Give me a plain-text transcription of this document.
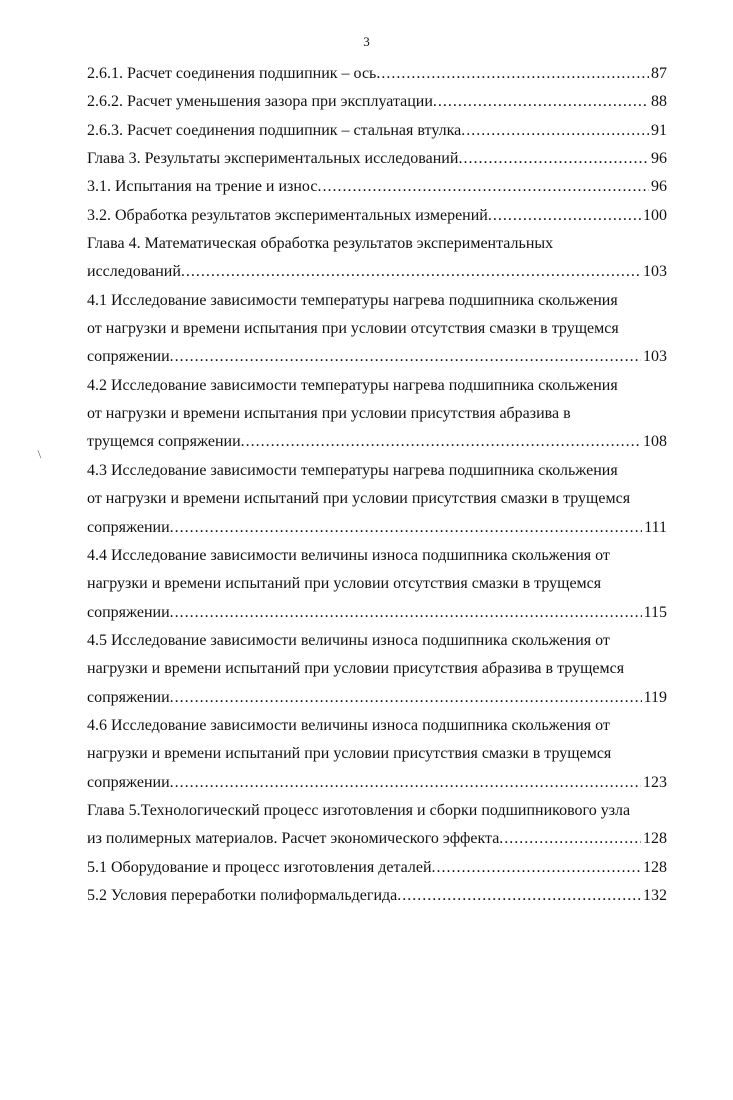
3
/
2.6.1. Расчет соединения подшипник – ось .....	87
2.6.2. Расчет уменьшения зазора при эксплуатации .....	88
2.6.3. Расчет соединения подшипник – стальная втулка .....	91
Глава 3. Результаты экспериментальных исследований .....	96
3.1. Испытания на трение и износ .....	96
3.2. Обработка результатов экспериментальных измерений .....	100
Глава 4. Математическая обработка результатов экспериментальных
исследований .....	103
4.1 Исследование зависимости температуры нагрева подшипника скольжения
от нагрузки и времени испытания при условии отсутствия смазки в трущемся
сопряжении .....	103
4.2 Исследование зависимости температуры нагрева подшипника скольжения
от нагрузки и времени испытания при условии присутствия абразива в
трущемся сопряжении .....	108
4.3 Исследование зависимости температуры нагрева подшипника скольжения
от нагрузки и времени испытаний при условии присутствия смазки в трущемся
сопряжении .....	111
4.4 Исследование зависимости величины износа подшипника скольжения от
нагрузки и времени испытаний при условии отсутствия смазки в трущемся
сопряжении .....	115
4.5 Исследование зависимости величины износа подшипника скольжения от
нагрузки и времени испытаний при условии присутствия абразива в трущемся
сопряжении .....	119
4.6 Исследование зависимости величины износа подшипника скольжения от
нагрузки и времени испытаний при условии присутствия смазки в трущемся
сопряжении .....	123
Глава 5.Технологический процесс изготовления и сборки подшипникового узла
из полимерных материалов. Расчет экономического эффекта .....	128
5.1 Оборудование и процесс изготовления деталей .....	128
5.2 Условия переработки полиформальдегида .....	132
